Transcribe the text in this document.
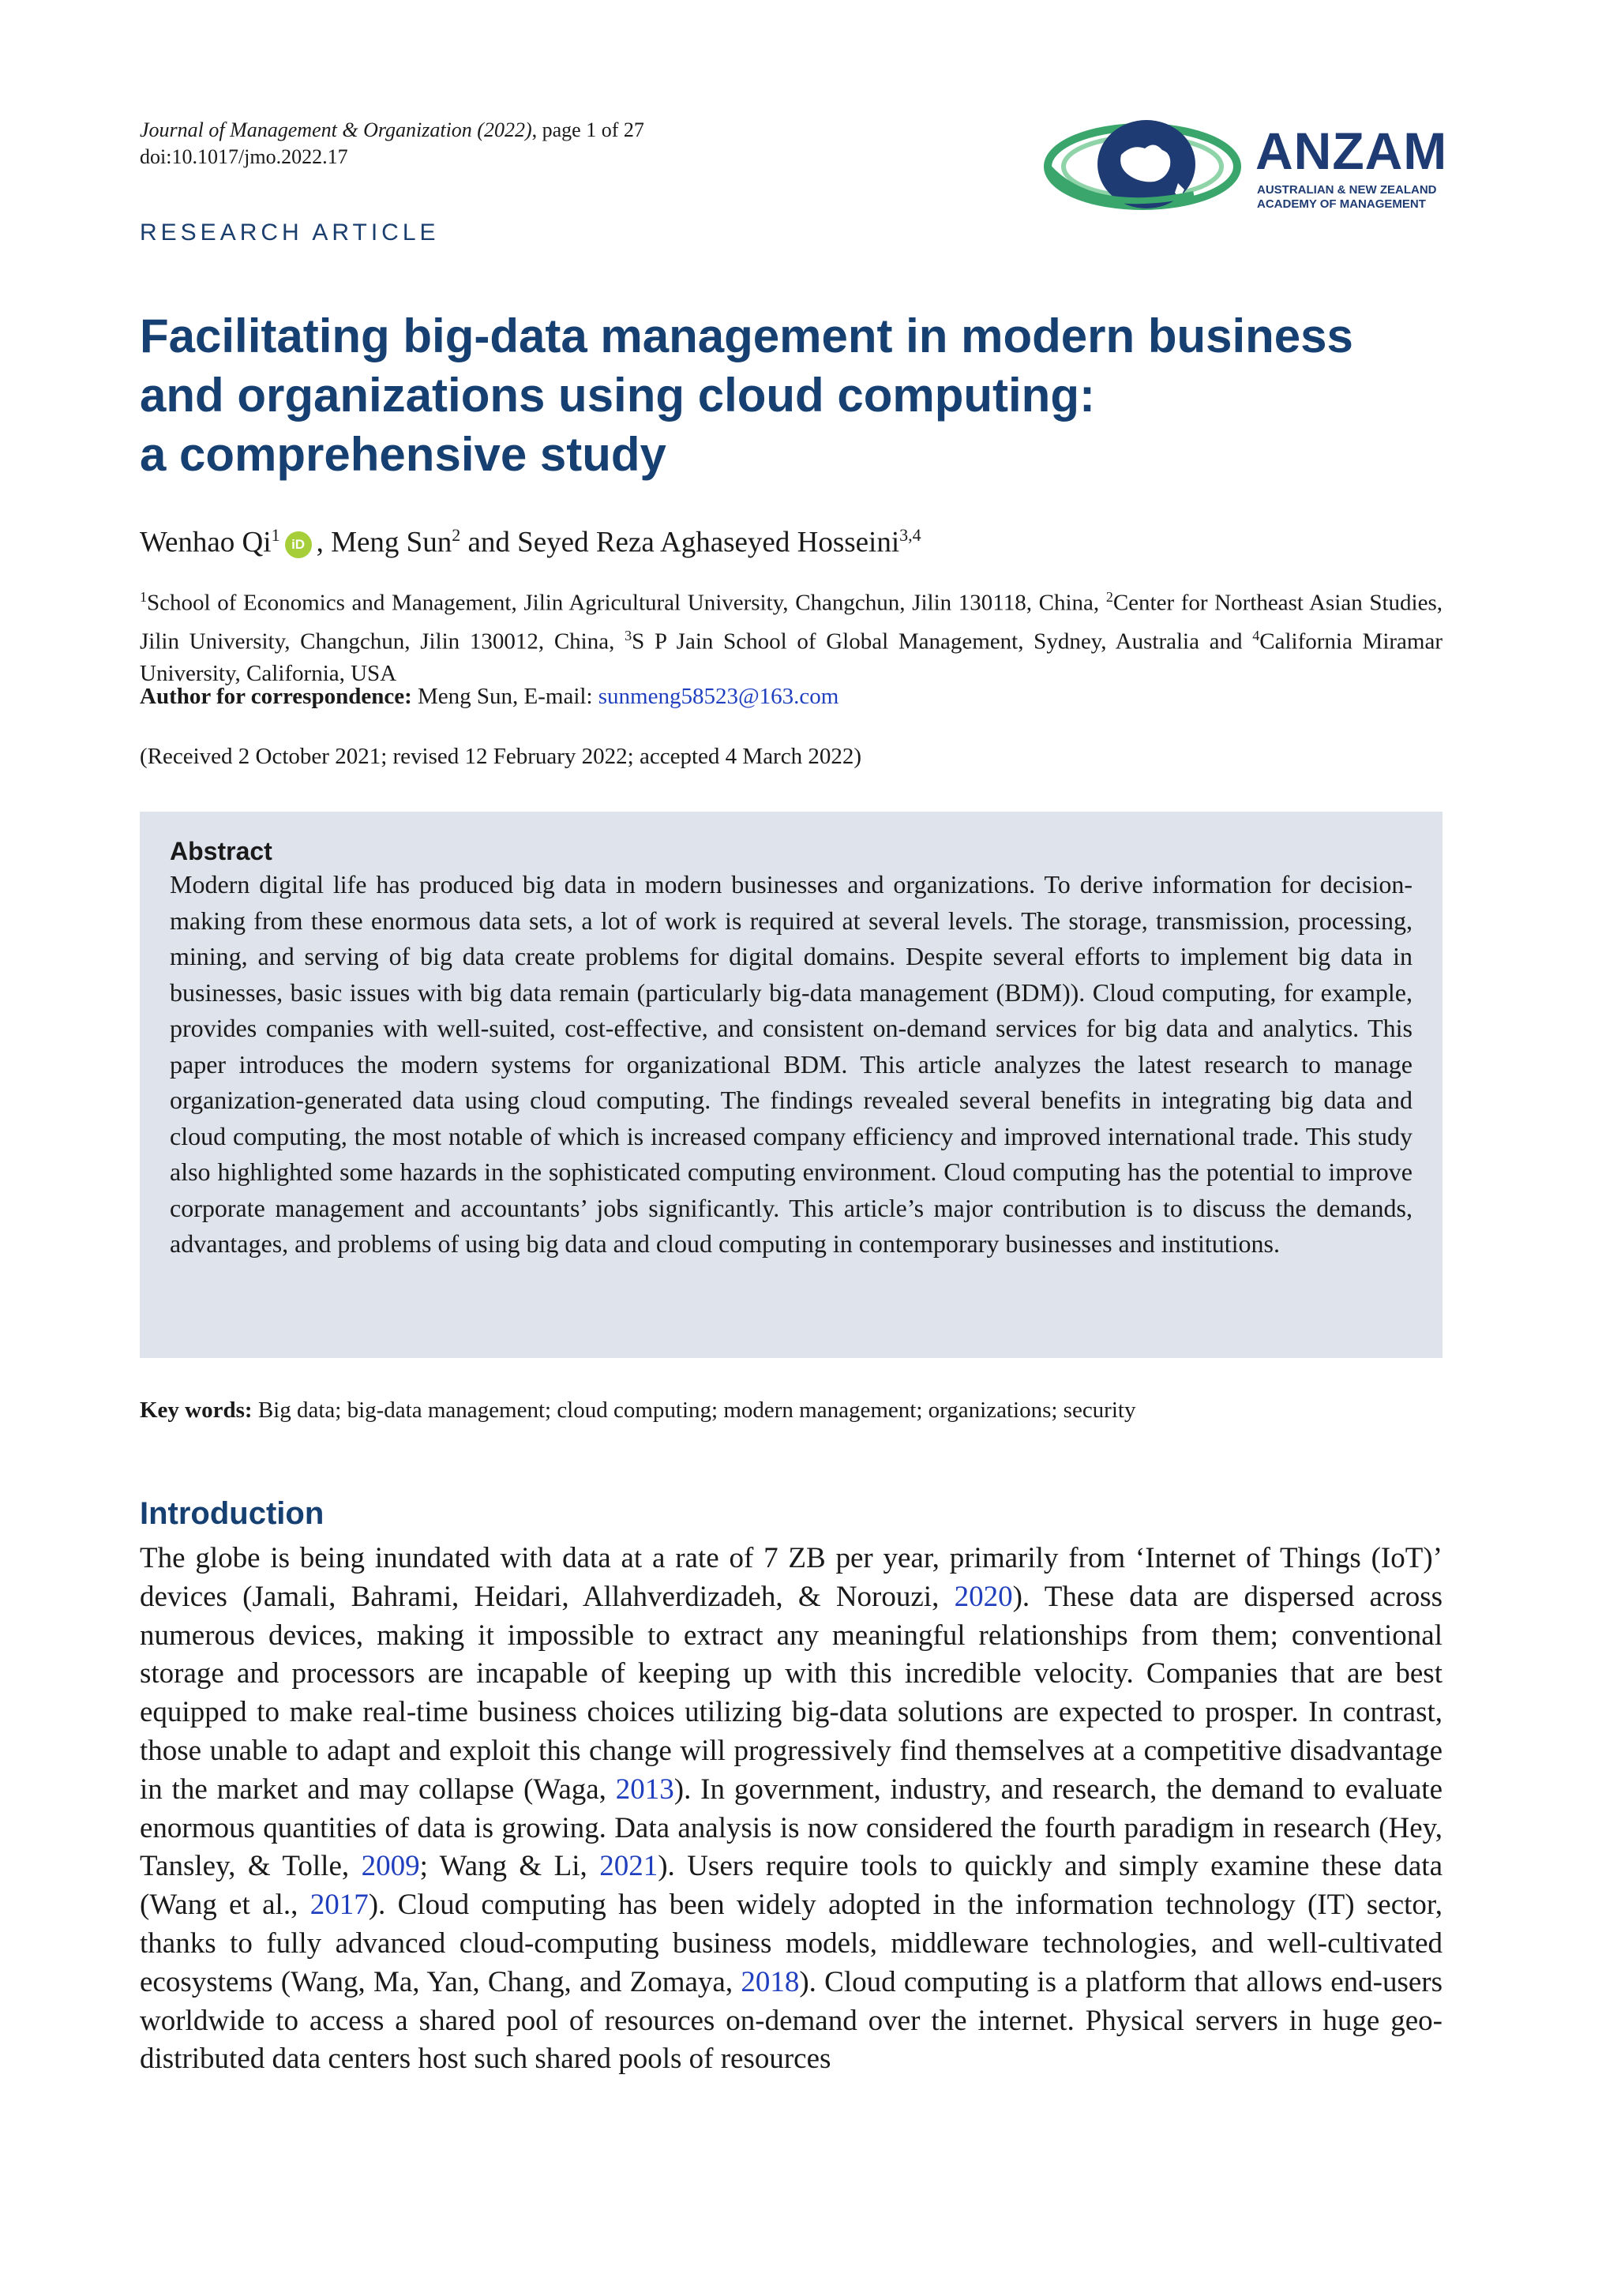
Journal of Management & Organization (2022), page 1 of 27
doi:10.1017/jmo.2022.17	ANZAM
AUSTRALIAN & NEW ZEALAND
ACADEMY OF MANAGEMENT
RESEARCH ARTICLE
Facilitating big-data management in modern business
and organizations using cloud computing:
a comprehensive study
Wenhao Qi$^1$ iD , Meng Sun$^2$ and Seyed Reza Aghaseyed Hosseini$^{3,4}$
$^1$School of Economics and Management, Jilin Agricultural University, Changchun, Jilin 130118, China, $^2$Center for Northeast Asian Studies, Jilin University, Changchun, Jilin 130012, China, $^3$S P Jain School of Global Management, Sydney, Australia and $^4$California Miramar University, California, USA
Author for correspondence: Meng Sun, E-mail: sunmeng58523@163.com
(Received 2 October 2021; revised 12 February 2022; accepted 4 March 2022)
Abstract

Modern digital life has produced big data in modern businesses and organizations. To derive information for decision-making from these enormous data sets, a lot of work is required at several levels. The storage, transmission, processing, mining, and serving of big data create problems for digital domains. Despite several efforts to implement big data in businesses, basic issues with big data remain (particularly big-data management (BDM)). Cloud computing, for example, provides companies with well-suited, cost-effective, and consistent on-demand services for big data and analytics. This paper introduces the modern systems for organizational BDM. This article analyzes the latest research to manage organization-generated data using cloud computing. The findings revealed several benefits in integrating big data and cloud computing, the most notable of which is increased company efficiency and improved international trade. This study also highlighted some hazards in the sophisticated computing environment. Cloud computing has the potential to improve corporate management and accountants’ jobs significantly. This article’s major contribution is to discuss the demands, advantages, and problems of using big data and cloud computing in contemporary businesses and institutions.

Key words: Big data; big-data management; cloud computing; modern management; organizations; security
Introduction

The globe is being inundated with data at a rate of 7 ZB per year, primarily from ‘Internet of Things (IoT)’ devices (Jamali, Bahrami, Heidari, Allahverdizadeh, & Norouzi, 2020). These data are dispersed across numerous devices, making it impossible to extract any meaningful relationships from them; conventional storage and processors are incapable of keeping up with this incredible velocity. Companies that are best equipped to make real-time business choices utilizing big-data solutions are expected to prosper. In contrast, those unable to adapt and exploit this change will progressively find themselves at a competitive disadvantage in the market and may collapse (Waga, 2013). In government, industry, and research, the demand to evaluate enormous quantities of data is growing. Data analysis is now considered the fourth paradigm in research (Hey, Tansley, & Tolle, 2009; Wang & Li, 2021). Users require tools to quickly and simply examine these data (Wang et al., 2017). Cloud computing has been widely adopted in the information technology (IT) sector, thanks to fully advanced cloud-computing business models, middleware technologies, and well-cultivated ecosystems (Wang, Ma, Yan, Chang, and Zomaya, 2018). Cloud computing is a platform that allows end-users worldwide to access a shared pool of resources on-demand over the internet. Physical servers in huge geo-distributed data centers host such shared pools of resources
